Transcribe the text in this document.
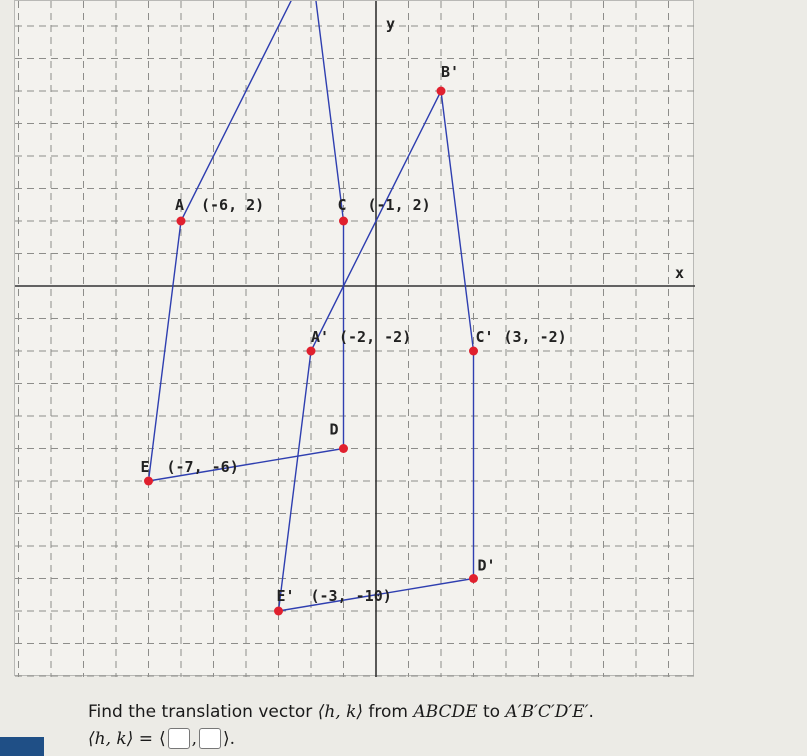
x
y
A (-6, 2)	C (-1, 2)
D
E (-7, -6)
A' (-2, -2)
B'
C' (3, -2)
D'
E' (-3, -10)
Find the translation vector ⟨h, k⟩ from ABCDE to A′B′C′D′E′.
⟨h, k⟩ = ⟨ , ⟩ .
